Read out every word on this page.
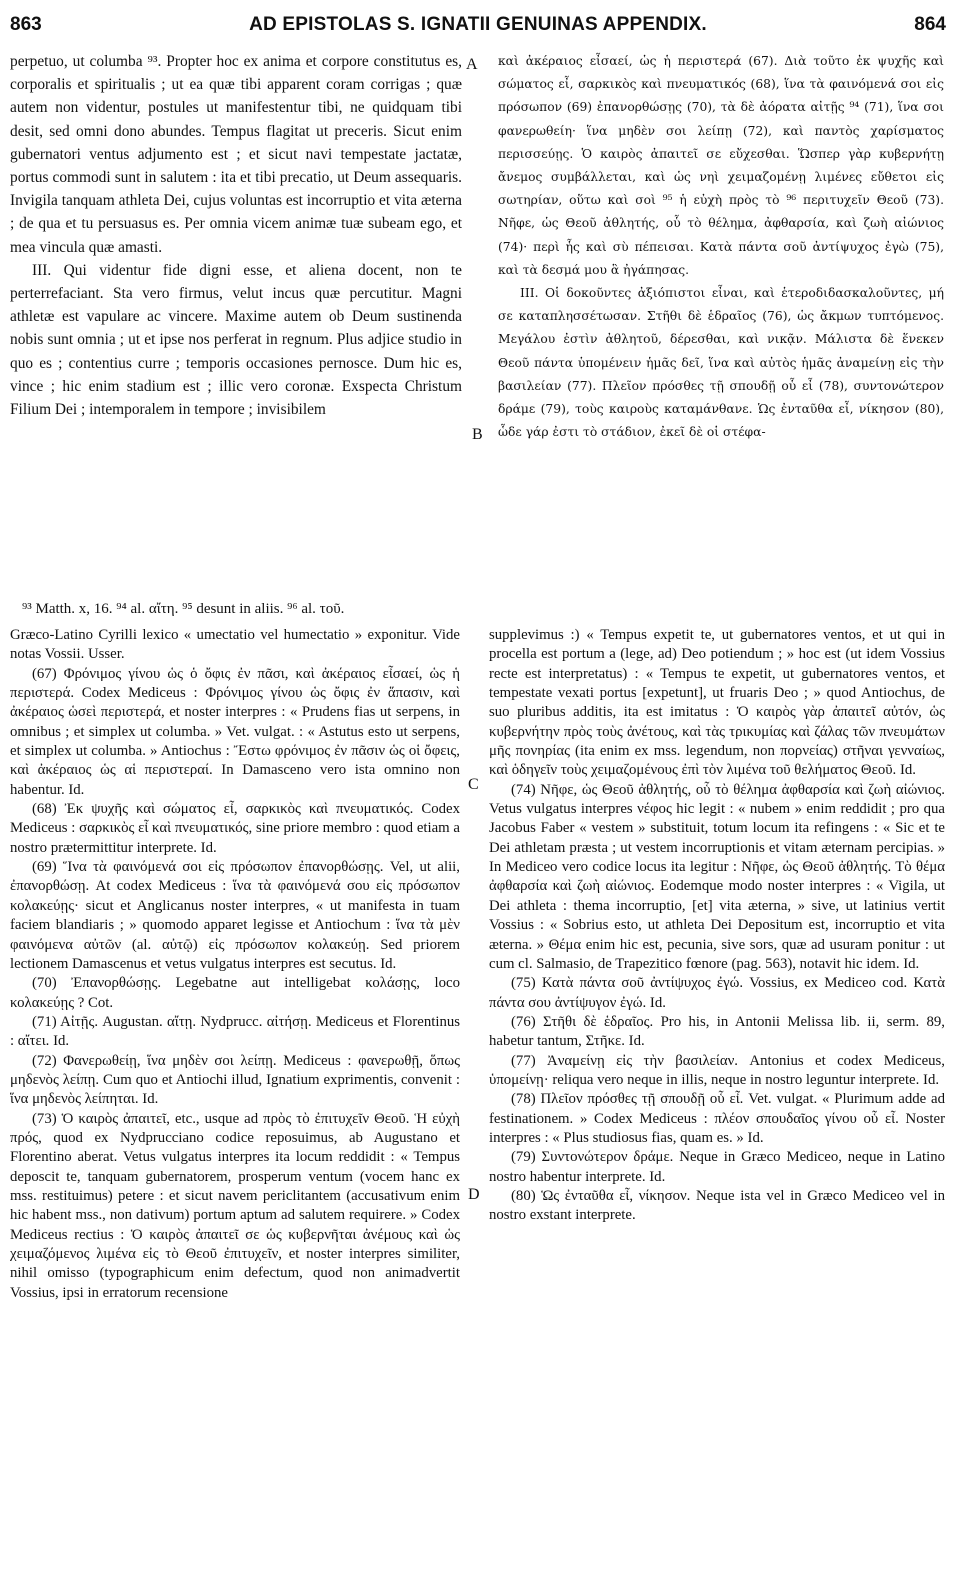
863	AD EPISTOLAS S. IGNATII GENUINAS APPENDIX.	864

perpetuo, ut columba ⁹³. Propter hoc ex anima et corpore constitutus es, corporalis et spiritualis ; ut ea quæ tibi apparent coram corrigas ; quæ autem non videntur, postules ut manifestentur tibi, ne quidquam tibi desit, sed omni dono abundes. Tempus flagitat ut preceris. Sicut enim gubernatori ventus adjumento est ; et sicut navi tempestate jactatæ, portus commodi sunt in salutem : ita et tibi precatio, ut Deum assequaris. Invigila tanquam athleta Dei, cujus voluntas est incorruptio et vita æterna ; de qua et tu persuasus es. Per omnia vicem animæ tuæ subeam ego, et mea vincula quæ amasti.

III. Qui videntur fide digni esse, et aliena docent, non te perterrefaciant. Sta vero firmus, velut incus quæ percutitur. Magni athletæ est vapulare ac vincere. Maxime autem ob Deum sustinenda nobis sunt omnia ; ut et ipse nos perferat in regnum. Plus adjice studio in quo es ; contentius curre ; temporis occasiones pernosce. Dum hic es, vince ; hic enim stadium est ; illic vero coronæ. Exspecta Christum Filium Dei ; intemporalem in tempore ; invisibilem

A
B

καὶ ἀκέραιος εἶσαεί, ὡς ἡ περιστερά (67). Διὰ τοῦτο ἐκ ψυχῆς καὶ σώματος εἶ, σαρκικὸς καὶ πνευματικός (68), ἵνα τὰ φαινόμενά σοι εἰς πρόσωπον (69) ἐπανορθώσῃς (70), τὰ δὲ ἀόρατα αἰτῇς ⁹⁴ (71), ἵνα σοι φανερωθείη· ἵνα μηδὲν σοι λείπῃ (72), καὶ παντὸς χαρίσματος περισσεύῃς. Ὁ καιρὸς ἀπαιτεῖ σε εὔχεσθαι. Ὥσπερ γὰρ κυβερνήτῃ ἄνεμος συμβάλλεται, καὶ ὡς νηὶ χειμαζομένῃ λιμένες εὔθετοι εἰς σωτηρίαν, οὕτω καὶ σοὶ ⁹⁵ ἡ εὐχὴ πρὸς τὸ ⁹⁶ περιτυχεῖν Θεοῦ (73). Νῆφε, ὡς Θεοῦ ἀθλητής, οὗ τὸ θέλημα, ἀφθαρσία, καὶ ζωὴ αἰώνιος (74)· περὶ ἧς καὶ σὺ πέπεισαι. Κατὰ πάντα σοῦ ἀντίψυχος ἐγὼ (75), καὶ τὰ δεσμά μου ἃ ἠγάπησας.

III. Οἱ δοκοῦντες ἀξιόπιστοι εἶναι, καὶ ἑτεροδιδασκαλοῦντες, μή σε καταπλησσέτωσαν. Στῆθι δὲ ἑδραῖος (76), ὡς ἄκμων τυπτόμενος. Μεγάλου ἐστὶν ἀθλητοῦ, δέρεσθαι, καὶ νικᾷν. Μάλιστα δὲ ἕνεκεν Θεοῦ πάντα ὑπομένειν ἡμᾶς δεῖ, ἵνα καὶ αὐτὸς ἡμᾶς ἀναμείνῃ εἰς τὴν βασιλείαν (77). Πλεῖον πρόσθες τῇ σπουδῇ οὗ εἶ (78), συντονώτερον δράμε (79), τοὺς καιροὺς καταμάνθανε. Ὡς ἐνταῦθα εἶ, νίκησον (80), ὧδε γάρ ἐστι τὸ στάδιον, ἐκεῖ δὲ οἱ στέφα-

⁹³ Matth. x, 16. ⁹⁴ al. αἴτη. ⁹⁵ desunt in aliis. ⁹⁶ al. τοῦ.

Græco-Latino Cyrilli lexico « umectatio vel humectatio » exponitur. Vide notas Vossii. Usser.

(67) Φρόνιμος γίνου ὡς ὁ ὄφις ἐν πᾶσι, καὶ ἀκέραιος εἶσαεί, ὡς ἡ περιστερά. Codex Mediceus : Φρόνιμος γίνου ὡς ὄφις ἐν ἅπασιν, καὶ ἀκέραιος ὡσεὶ περιστερά, et noster interpres : « Prudens fias ut serpens, in omnibus ; et simplex ut columba. » Vet. vulgat. : « Astutus esto ut serpens, et simplex ut columba. » Antiochus : Ἔστω φρόνιμος ἐν πᾶσιν ὡς οἱ ὄφεις, καὶ ἀκέραιος ὡς αἱ περιστεραί. In Damasceno vero ista omnino non habentur. Id.

(68) Ἐκ ψυχῆς καὶ σώματος εἶ, σαρκικὸς καὶ πνευματικός. Codex Mediceus : σαρκικὸς εἶ καὶ πνευματικός, sine priore membro : quod etiam a nostro prætermittitur interprete. Id.

(69) Ἵνα τὰ φαινόμενά σοι εἰς πρόσωπον ἐπανορθώσῃς. Vel, ut alii, ἐπανορθώσῃ. At codex Mediceus : ἵνα τὰ φαινόμενά σου εἰς πρόσωπον κολακεύῃς· sicut et Anglicanus noster interpres, « ut manifesta in tuam faciem blandiaris ; » quomodo apparet legisse et Antiochum : ἵνα τὰ μὲν φαινόμενα αὐτῶν (al. αὐτῷ) εἰς πρόσωπον κολακεύῃ. Sed priorem lectionem Damascenus et vetus vulgatus interpres est secutus. Id.

(70) Ἐπανορθώσῃς. Legebatne aut intelligebat κολάσῃς, loco κολακεύῃς ? Cot.

(71) Αἰτῇς. Augustan. αἴτῃ. Nydprucc. αἰτήσῃ. Mediceus et Florentinus : αἴτει. Id.

(72) Φανερωθείῃ, ἵνα μηδὲν σοι λείπῃ. Mediceus : φανερωθῇ, ὅπως μηδενὸς λείπῃ. Cum quo et Antiochi illud, Ignatium exprimentis, convenit : ἵνα μηδενὸς λείπηται. Id.

(73) Ὁ καιρὸς ἀπαιτεῖ, etc., usque ad πρὸς τὸ ἐπιτυχεῖν Θεοῦ. Ἡ εὐχὴ πρός, quod ex Nydprucciano codice reposuimus, ab Augustano et Florentino aberat. Vetus vulgatus interpres ita locum reddidit : « Tempus deposcit te, tanquam gubernatorem, prosperum ventum (vocem hanc ex mss. restituimus) petere : et sicut navem periclitantem (accusativum enim hic habent mss., non dativum) portum aptum ad salutem requirere. » Codex Mediceus rectius : Ὁ καιρὸς ἀπαιτεῖ σε ὡς κυβερνῆται ἀνέμους καὶ ὡς χειμαζόμενος λιμένα εἰς τὸ Θεοῦ ἐπιτυχεῖν, et noster interpres similiter, nihil omisso (typographicum enim defectum, quod non animadvertit Vossius, ipsi in erratorum recensione

C
D

supplevimus :) « Tempus expetit te, ut gubernatores ventos, et ut qui in procella est portum a (lege, ad) Deo potiendum ; » hoc est (ut idem Vossius recte est interpretatus) : « Tempus te expetit, ut gubernatores ventos, et tempestate vexati portus [expetunt], ut fruaris Deo ; » quod Antiochus, de suo pluribus additis, ita est imitatus : Ὁ καιρὸς γὰρ ἀπαιτεῖ αὐτόν, ὡς κυβερνήτην πρὸς τοὺς ἀνέτους, καὶ τὰς τρικυμίας καὶ ζάλας τῶν πνευμάτων μῆς πονηρίας (ita enim ex mss. legendum, non πορνείας) στῆναι γενναίως, καὶ ὁδηγεῖν τοὺς χειμαζομένους ἐπὶ τὸν λιμένα τοῦ θελήματος Θεοῦ. Id.

(74) Νῆφε, ὡς Θεοῦ ἀθλητής, οὗ τὸ θέλημα ἀφθαρσία καὶ ζωὴ αἰώνιος. Vetus vulgatus interpres νέφος hic legit : « nubem » enim reddidit ; pro qua Jacobus Faber « vestem » substituit, totum locum ita refingens : « Sic et te Dei athletam præsta ; ut vestem incorruptionis et vitam æternam percipias. » In Mediceo vero codice locus ita legitur : Νῆφε, ὡς Θεοῦ ἀθλητής. Τὸ θέμα ἀφθαρσία καὶ ζωὴ αἰώνιος. Eodemque modo noster interpres : « Vigila, ut Dei athleta : thema incorruptio, [et] vita æterna, » sive, ut latinius vertit Vossius : « Sobrius esto, ut athleta Dei Depositum est, incorruptio et vita æterna. » Θέμα enim hic est, pecunia, sive sors, quæ ad usuram ponitur : ut cum cl. Salmasio, de Trapezitico fœnore (pag. 563), notavit hic idem. Id.

(75) Κατὰ πάντα σοῦ ἀντίψυχος ἐγώ. Vossius, ex Mediceo cod. Κατὰ πάντα σου ἀντίψυγον ἐγώ. Id.

(76) Στῆθι δὲ ἑδραῖος. Pro his, in Antonii Melissa lib. ii, serm. 89, habetur tantum, Στῆκε. Id.

(77) Ἀναμείνῃ εἰς τὴν βασιλείαν. Antonius et codex Mediceus, ὑπομείνῃ· reliqua vero neque in illis, neque in nostro leguntur interprete. Id.

(78) Πλεῖον πρόσθες τῇ σπουδῇ οὗ εἶ. Vet. vulgat. « Plurimum adde ad festinationem. » Codex Mediceus : πλέον σπουδαῖος γίνου οὗ εἶ. Noster interpres : « Plus studiosus fias, quam es. » Id.

(79) Συντονώτερον δράμε. Neque in Græco Mediceo, neque in Latino nostro habentur interprete. Id.

(80) Ὡς ἐνταῦθα εἶ, νίκησον. Neque ista vel in Græco Mediceo vel in nostro exstant interprete.
